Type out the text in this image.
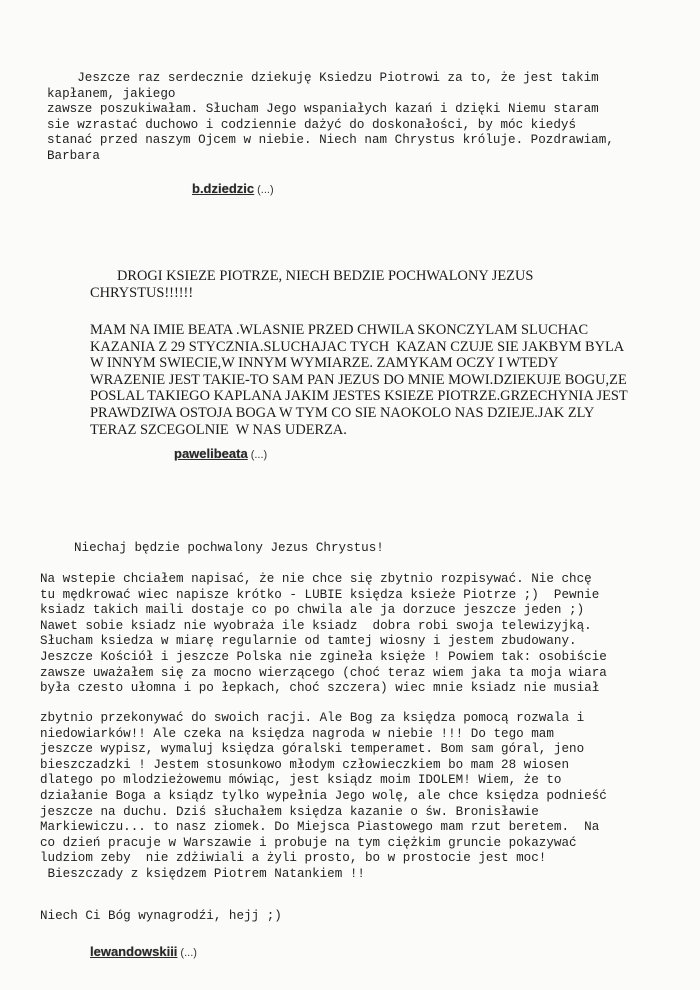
Jeszcze raz serdecznie dziekuję Ksiedzu Piotrowi za to, że jest takim
kapłanem, jakiego
zawsze poszukiwałam. Słucham Jego wspaniałych kazań i dzięki Niemu staram
sie wzrastać duchowo i codziennie dażyć do doskonałości, by móc kiedyś
stanać przed naszym Ojcem w niebie. Niech nam Chrystus króluje. Pozdrawiam,
Barbara
b.dziedzic (...)
DROGI KSIEZE PIOTRZE, NIECH BEDZIE POCHWALONY JEZUS
CHRYSTUS!!!!!!
MAM NA IMIE BEATA .WLASNIE PRZED CHWILA SKONCZYLAM SLUCHAC
KAZANIA Z 29 STYCZNIA.SLUCHAJAC TYCH  KAZAN CZUJE SIE JAKBYM BYLA
W INNYM SWIECIE,W INNYM WYMIARZE. ZAMYKAM OCZY I WTEDY
WRAZENIE JEST TAKIE-TO SAM PAN JEZUS DO MNIE MOWI.DZIEKUJE BOGU,ZE
POSLAL TAKIEGO KAPLANA JAKIM JESTES KSIEZE PIOTRZE.GRZECHYNIA JEST
PRAWDZIWA OSTOJA BOGA W TYM CO SIE NAOKOLO NAS DZIEJE.JAK ZLY
TERAZ SZCEGOLNIE  W NAS UDERZA.
pawelibeata (...)
Niechaj będzie pochwalony Jezus Chrystus!
Na wstepie chciałem napisać, że nie chce się zbytnio rozpisywać. Nie chcę
tu mędkrować wiec napisze krótko - LUBIE księdza ksieże Piotrze ;)  Pewnie
ksiadz takich maili dostaje co po chwila ale ja dorzuce jeszcze jeden ;)
Nawet sobie ksiadz nie wyobraża ile ksiadz  dobra robi swoja telewizyjką.
Słucham ksiedza w miarę regularnie od tamtej wiosny i jestem zbudowany.
Jeszcze Kościół i jeszcze Polska nie zgineła księże ! Powiem tak: osobiście
zawsze uważałem się za mocno wierzącego (choć teraz wiem jaka ta moja wiara
była czesto ułomna i po łepkach, choć szczera) wiec mnie ksiadz nie musiał
zbytnio przekonywać do swoich racji. Ale Bog za księdza pomocą rozwala i
niedowiarków!! Ale czeka na księdza nagroda w niebie !!! Do tego mam
jeszcze wypisz, wymaluj księdza góralski temperamet. Bom sam góral, jeno
bieszczadzki ! Jestem stosunkowo młodym człowieczkiem bo mam 28 wiosen
dlatego po mlodzieżowemu mówiąc, jest ksiądz moim IDOLEM! Wiem, że to
działanie Boga a ksiądz tylko wypełnia Jego wolę, ale chce księdza podnieść
jeszcze na duchu. Dziś słuchałem księdza kazanie o św. Bronisławie
Markiewiczu... to nasz ziomek. Do Miejsca Piastowego mam rzut beretem.  Na
co dzień pracuje w Warszawie i probuje na tym ciężkim gruncie pokazywać
ludziom zeby  nie zdżiwiali a żyli prosto, bo w prostocie jest moc!
Bieszczady z księdzem Piotrem Natankiem !!
Niech Ci Bóg wynagrodźi, hejj ;)
lewandowskiii (...)
